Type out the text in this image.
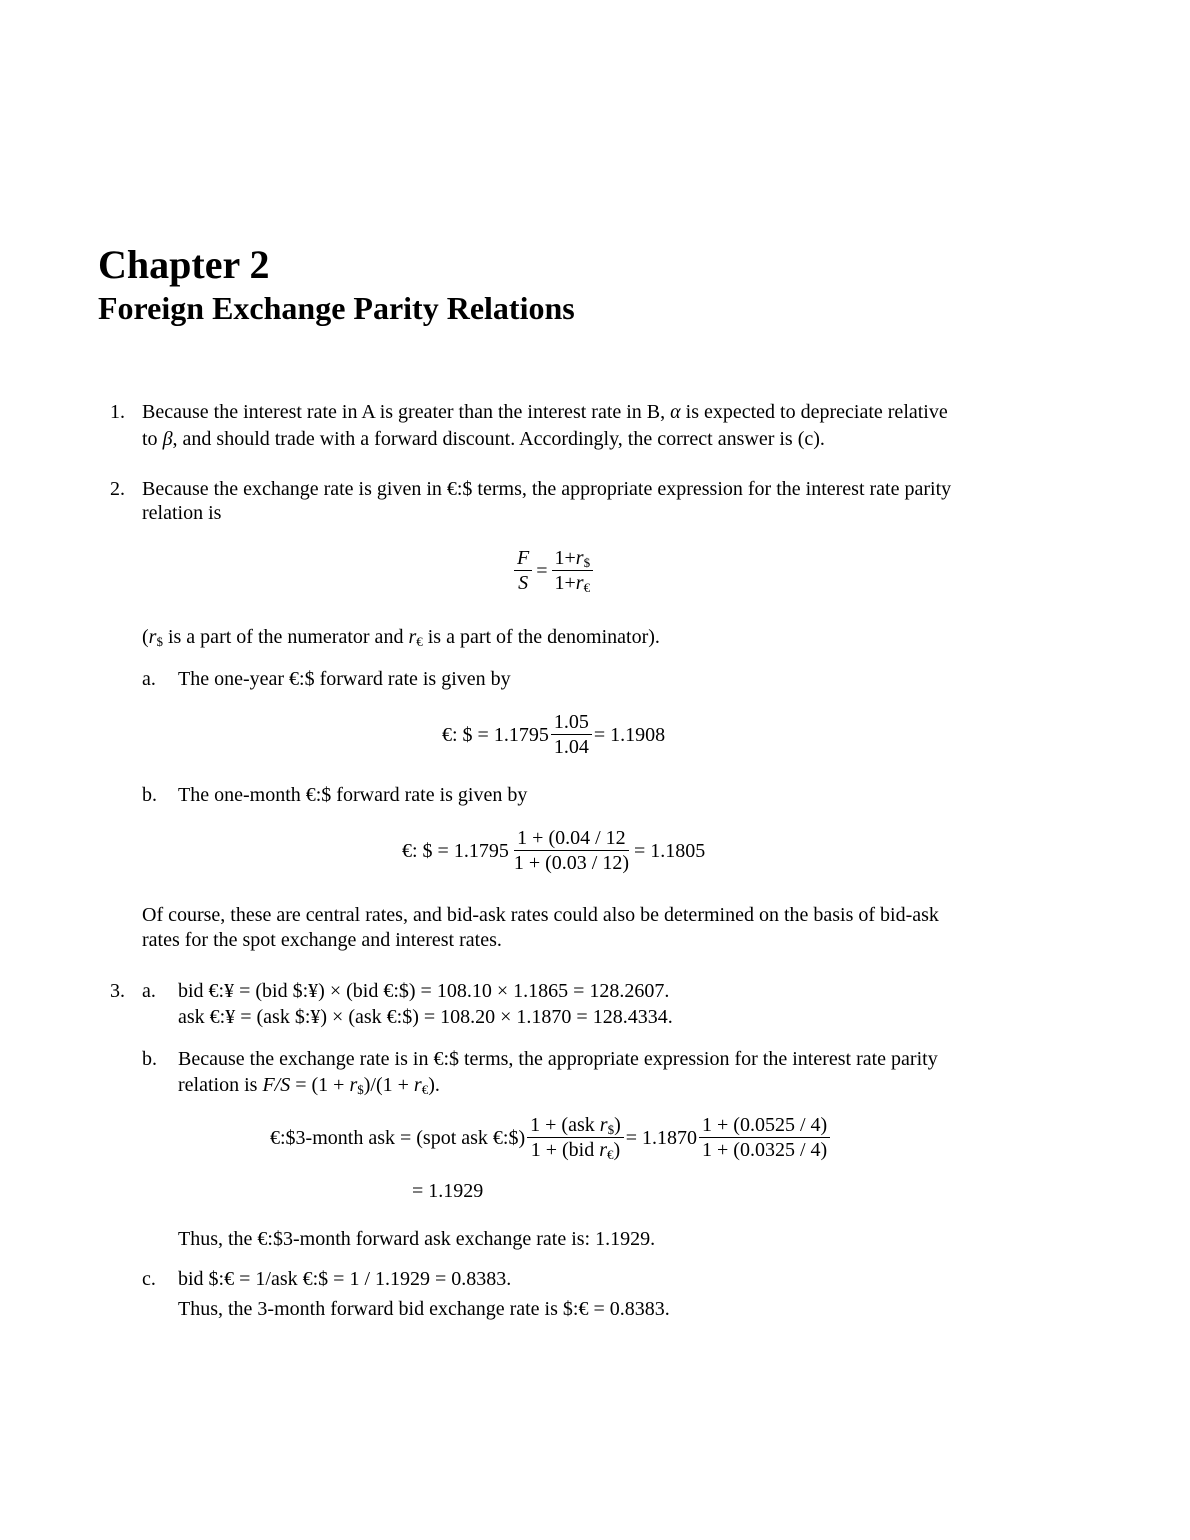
Chapter 2
Foreign Exchange Parity Relations
1. Because the interest rate in A is greater than the interest rate in B, α is expected to depreciate relative
to β, and should trade with a forward discount. Accordingly, the correct answer is (c).
2. Because the exchange rate is given in €:$ terms, the appropriate expression for the interest rate parity
relation is
$\frac{F}{S} = \frac{1+r_{\$}}{1+r_€}$
($r_{\$}$ is a part of the numerator and $r_€$ is a part of the denominator).
a. The one-year €:$ forward rate is given by
€: $ = $1.1795 \frac{1.05}{1.04} = 1.1908$
b. The one-month €:$ forward rate is given by
€: $ = $1.1795 \frac{1 + (0.04 / 12}{1 + (0.03 / 12)} = 1.1805$
Of course, these are central rates, and bid-ask rates could also be determined on the basis of bid-ask
rates for the spot exchange and interest rates.
3. a. bid €:¥ = (bid $:¥) × (bid €:$) = 108.10 × 1.1865 = 128.2607.
ask €:¥ = (ask $:¥) × (ask €:$) = 108.20 × 1.1870 = 128.4334.
b. Because the exchange rate is in €:$ terms, the appropriate expression for the interest rate parity
relation is $F/S = (1 + r_{\$})/(1 + r_€)$.
€:$3-month ask = (spot ask €:$) $\frac{1 + (ask r_{\$})}{1 + (bid r_€)} = 1.1870 \frac{1 + (0.0525 / 4)}{1 + (0.0325 / 4)}$
= 1.1929
Thus, the €:$3-month forward ask exchange rate is: 1.1929.
c. bid $:€ = 1/ask €:$ = 1 / 1.1929 = 0.8383.
Thus, the 3-month forward bid exchange rate is $:€ = 0.8383.
